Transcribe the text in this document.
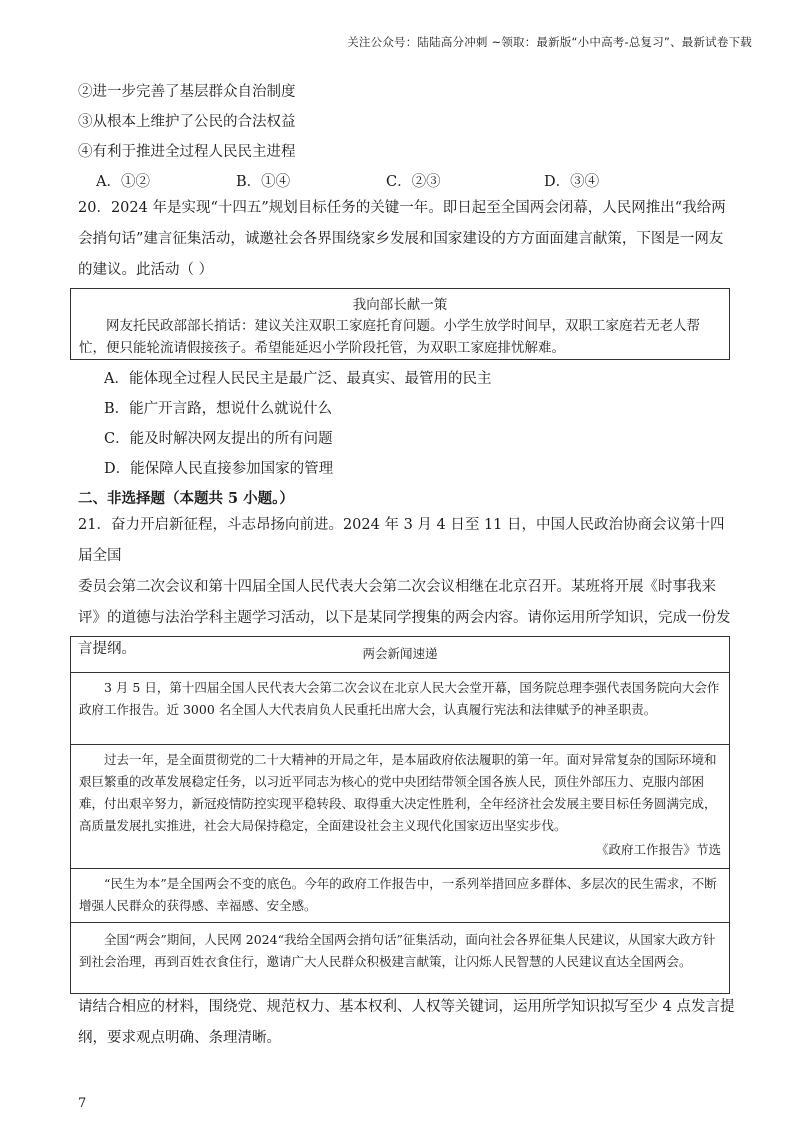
关注公众号：陆陆高分冲刺 ~领取：最新版“小中高考-总复习”、最新试卷下载
②进一步完善了基层群众自治制度
③从根本上维护了公民的合法权益
④有利于推进全过程人民民主进程
A．①②	B．①④	C．②③	D．③④
20．2024 年是实现“十四五”规划目标任务的关键一年。即日起至全国两会闭幕，人民网推出“我给两
会捎句话”建言征集活动，诚邀社会各界围绕家乡发展和国家建设的方方面面建言献策，下图是一网友
的建议。此活动（ ）
我向部长献一策
网友托民政部部长捎话：建议关注双职工家庭托育问题。小学生放学时间早，双职工家庭若无老人帮忙，便只能轮流请假接孩子。希望能延迟小学阶段托管，为双职工家庭排忧解难。
A．能体现全过程人民民主是最广泛、最真实、最管用的民主
B．能广开言路，想说什么就说什么
C．能及时解决网友提出的所有问题
D．能保障人民直接参加国家的管理
二、非选择题（本题共 5 小题。）
21．奋力开启新征程，斗志昂扬向前进。2024 年 3 月 4 日至 11 日，中国人民政治协商会议第十四届全国
委员会第二次会议和第十四届全国人民代表大会第二次会议相继在北京召开。某班将开展《时事我来
评》的道德与法治学科主题学习活动，以下是某同学搜集的两会内容。请你运用所学知识，完成一份发
言提纲。	两会新闻速递

3 月 5 日，第十四届全国人民代表大会第二次会议在北京人民大会堂开幕，国务院总理李强代表国务院向大会作政府工作报告。近 3000 名全国人大代表肩负人民重托出席大会，认真履行宪法和法律赋予的神圣职责。

过去一年，是全面贯彻党的二十大精神的开局之年，是本届政府依法履职的第一年。面对异常复杂的国际环境和艰巨繁重的改革发展稳定任务，以习近平同志为核心的党中央团结带领全国各族人民，顶住外部压力、克服内部困难，付出艰辛努力，新冠疫情防控实现平稳转段、取得重大决定性胜利，全年经济社会发展主要目标任务圆满完成，高质量发展扎实推进，社会大局保持稳定，全面建设社会主义现代化国家迈出坚实步伐。

《政府工作报告》节选

“民生为本”是全国两会不变的底色。今年的政府工作报告中，一系列举措回应多群体、多层次的民生需求，不断增强人民群众的获得感、幸福感、安全感。

全国“两会”期间，人民网 2024“我给全国两会捎句话”征集活动，面向社会各界征集人民建议，从国家大政方针到社会治理，再到百姓衣食住行，邀请广大人民群众积极建言献策，让闪烁人民智慧的人民建议直达全国两会。

请结合相应的材料，围绕党、规范权力、基本权利、人权等关键词，运用所学知识拟写至少 4 点发言提
纲，要求观点明确、条理清晰。
7
